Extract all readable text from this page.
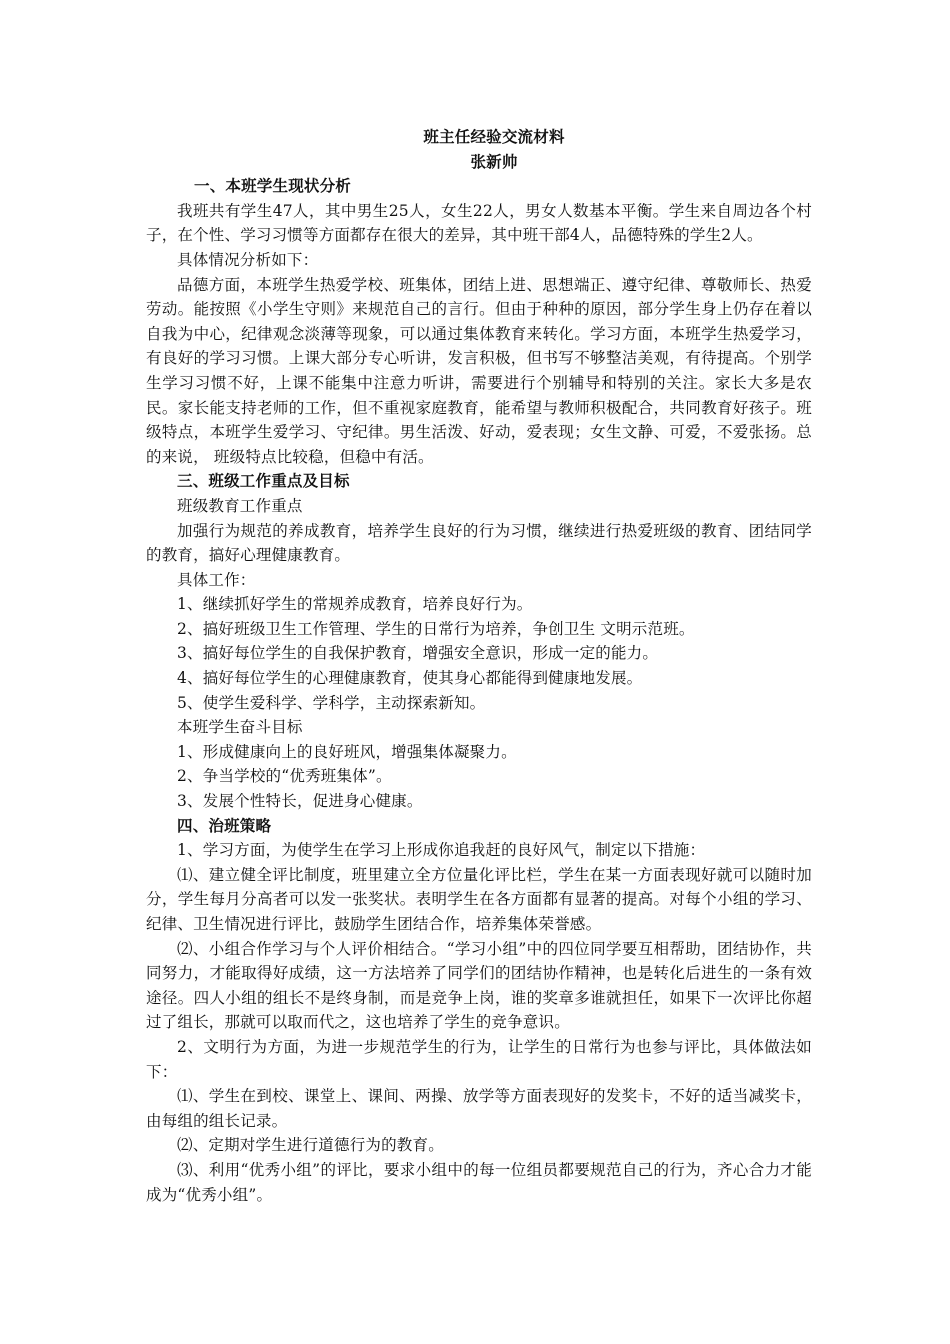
班主任经验交流材料
张新帅

一、本班学生现状分析

我班共有学生47人，其中男生25人，女生22人，男女人数基本平衡。学生来自周边各个村子，在个性、学习习惯等方面都存在很大的差异，其中班干部4人，品德特殊的学生2人。

具体情况分析如下：

品德方面，本班学生热爱学校、班集体，团结上进、思想端正、遵守纪律、尊敬师长、热爱劳动。能按照《小学生守则》来规范自己的言行。但由于种种的原因，部分学生身上仍存在着以自我为中心，纪律观念淡薄等现象，可以通过集体教育来转化。学习方面，本班学生热爱学习，有良好的学习习惯。上课大部分专心听讲，发言积极，但书写不够整洁美观，有待提高。个别学生学习习惯不好，上课不能集中注意力听讲，需要进行个别辅导和特别的关注。家长大多是农民。家长能支持老师的工作，但不重视家庭教育，能希望与教师积极配合，共同教育好孩子。班级特点，本班学生爱学习、守纪律。男生活泼、好动，爱表现；女生文静、可爱，不爱张扬。总的来说， 班级特点比较稳，但稳中有活。

三、班级工作重点及目标

班级教育工作重点

加强行为规范的养成教育，培养学生良好的行为习惯，继续进行热爱班级的教育、团结同学的教育，搞好心理健康教育。

具体工作：

1、继续抓好学生的常规养成教育，培养良好行为。

2、搞好班级卫生工作管理、学生的日常行为培养，争创卫生 文明示范班。

3、搞好每位学生的自我保护教育，增强安全意识，形成一定的能力。

4、搞好每位学生的心理健康教育，使其身心都能得到健康地发展。

5、使学生爱科学、学科学，主动探索新知。

本班学生奋斗目标

1、形成健康向上的良好班风，增强集体凝聚力。

2、争当学校的“优秀班集体”。

3、发展个性特长，促进身心健康。

四、治班策略

1、学习方面，为使学生在学习上形成你追我赶的良好风气，制定以下措施：

⑴、建立健全评比制度，班里建立全方位量化评比栏，学生在某一方面表现好就可以随时加分，学生每月分高者可以发一张奖状。表明学生在各方面都有显著的提高。对每个小组的学习、纪律、卫生情况进行评比，鼓励学生团结合作，培养集体荣誉感。

⑵、小组合作学习与个人评价相结合。“学习小组”中的四位同学要互相帮助，团结协作，共同努力，才能取得好成绩，这一方法培养了同学们的团结协作精神，也是转化后进生的一条有效途径。四人小组的组长不是终身制，而是竞争上岗，谁的奖章多谁就担任，如果下一次评比你超过了组长，那就可以取而代之，这也培养了学生的竞争意识。

2、文明行为方面，为进一步规范学生的行为，让学生的日常行为也参与评比，具体做法如下：

⑴、学生在到校、课堂上、课间、两操、放学等方面表现好的发奖卡，不好的适当减奖卡，由每组的组长记录。

⑵、定期对学生进行道德行为的教育。

⑶、利用“优秀小组”的评比，要求小组中的每一位组员都要规范自己的行为，齐心合力才能成为“优秀小组”。
